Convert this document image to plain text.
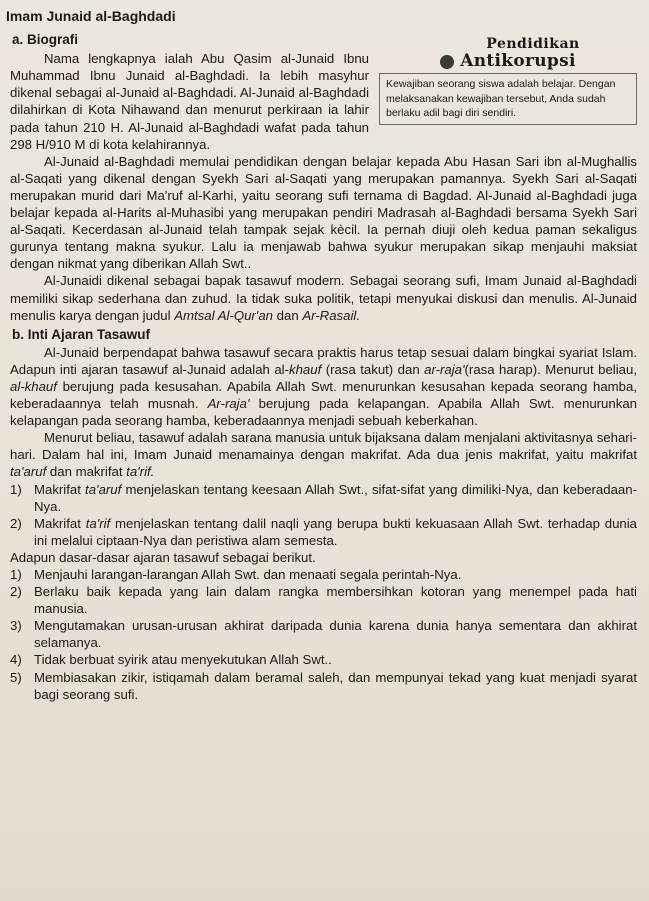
Imam Junaid al-Baghdadi
a. Biografi	Pendidikan
Antikorupsi
Kewajiban seorang siswa adalah belajar. Dengan melaksanakan kewajiban tersebut, Anda sudah berlaku adil bagi diri sendiri.

Nama lengkapnya ialah Abu Qasim al-Junaid Ibnu Muhammad Ibnu Junaid al-Baghdadi. Ia lebih masyhur dikenal sebagai al-Junaid al-Baghdadi. Al-Junaid al-Baghdadi dilahirkan di Kota Nihawand dan menurut perkiraan ia lahir pada tahun 210 H. Al-Junaid al-Baghdadi wafat pada tahun 298 H/910 M di kota kelahirannya.

Al-Junaid al-Baghdadi memulai pendidikan dengan belajar kepada Abu Hasan Sari ibn al-Mughallis al-Saqati yang dikenal dengan Syekh Sari al-Saqati yang merupakan pamannya. Syekh Sari al-Saqati merupakan murid dari Ma'ruf al-Karhi, yaitu seorang sufi ternama di Bagdad. Al-Junaid al-Baghdadi juga belajar kepada al-Harits al-Muhasibi yang merupakan pendiri Madrasah al-Baghdadi bersama Syekh Sari al-Saqati. Kecerdasan al-Junaid telah tampak sejak kècil. Ia pernah diuji oleh kedua paman sekaligus gurunya tentang makna syukur. Lalu ia menjawab bahwa syukur merupakan sikap menjauhi maksiat dengan nikmat yang diberikan Allah Swt..

Al-Junaidi dikenal sebagai bapak tasawuf modern. Sebagai seorang sufi, Imam Junaid al-Baghdadi memiliki sikap sederhana dan zuhud. Ia tidak suka politik, tetapi menyukai diskusi dan menulis. Al-Junaid menulis karya dengan judul Amtsal Al-Qur'an dan Ar-Rasail.

b. Inti Ajaran Tasawuf

Al-Junaid berpendapat bahwa tasawuf secara praktis harus tetap sesuai dalam bingkai syariat Islam. Adapun inti ajaran tasawuf al-Junaid adalah al-khauf (rasa takut) dan ar-raja'(rasa harap). Menurut beliau, al-khauf berujung pada kesusahan. Apabila Allah Swt. menurunkan kesusahan kepada seorang hamba, keberadaannya telah musnah. Ar-raja' berujung pada kelapangan. Apabila Allah Swt. menurunkan kelapangan pada seorang hamba, keberadaannya menjadi sebuah keberkahan.

Menurut beliau, tasawuf adalah sarana manusia untuk bijaksana dalam menjalani aktivitasnya sehari-hari. Dalam hal ini, Imam Junaid menamainya dengan makrifat. Ada dua jenis makrifat, yaitu makrifat ta'aruf dan makrifat ta'rif.

1) Makrifat ta'aruf menjelaskan tentang keesaan Allah Swt., sifat-sifat yang dimiliki-Nya, dan keberadaan-Nya.
2) Makrifat ta'rif menjelaskan tentang dalil naqli yang berupa bukti kekuasaan Allah Swt. terhadap dunia ini melalui ciptaan-Nya dan peristiwa alam semesta.

Adapun dasar-dasar ajaran tasawuf sebagai berikut.

1) Menjauhi larangan-larangan Allah Swt. dan menaati segala perintah-Nya.
2) Berlaku baik kepada yang lain dalam rangka membersihkan kotoran yang menempel pada hati manusia.
3) Mengutamakan urusan-urusan akhirat daripada dunia karena dunia hanya sementara dan akhirat selamanya.
4) Tidak berbuat syirik atau menyekutukan Allah Swt..
5) Membiasakan zikir, istiqamah dalam beramal saleh, dan mempunyai tekad yang kuat menjadi syarat bagi seorang sufi.
